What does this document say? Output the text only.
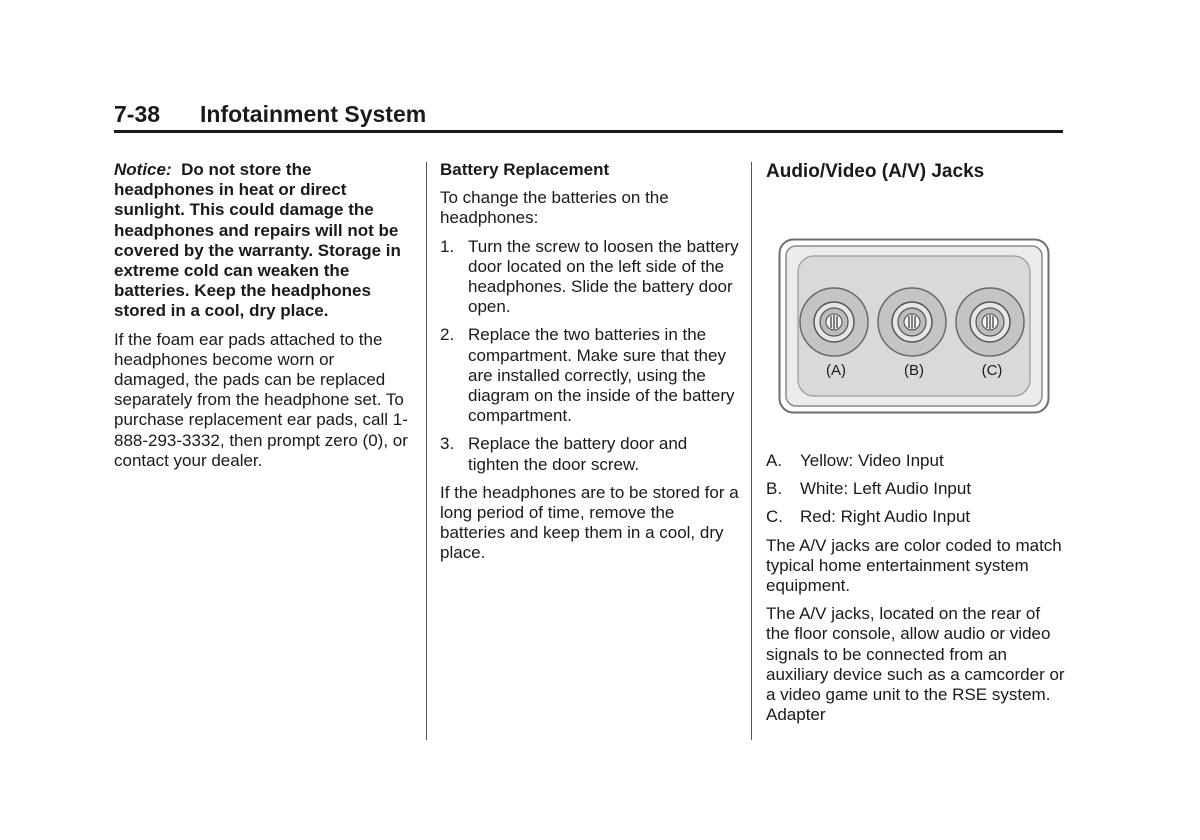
7-38 Infotainment System

Notice: Do not store the headphones in heat or direct sunlight. This could damage the headphones and repairs will not be covered by the warranty. Storage in extreme cold can weaken the batteries. Keep the headphones stored in a cool, dry place.

If the foam ear pads attached to the headphones become worn or damaged, the pads can be replaced separately from the headphone set. To purchase replacement ear pads, call 1-888-293-3332, then prompt zero (0), or contact your dealer.

Battery Replacement

To change the batteries on the headphones:

1. Turn the screw to loosen the battery door located on the left side of the headphones. Slide the battery door open.
2. Replace the two batteries in the compartment. Make sure that they are installed correctly, using the diagram on the inside of the battery compartment.
3. Replace the battery door and tighten the door screw.

If the headphones are to be stored for a long period of time, remove the batteries and keep them in a cool, dry place.

Audio/Video (A/V) Jacks
(A)	(B)	(C)
A. Yellow: Video Input
B. White: Left Audio Input
C. Red: Right Audio Input

The A/V jacks are color coded to match typical home entertainment system equipment.

The A/V jacks, located on the rear of the floor console, allow audio or video signals to be connected from an auxiliary device such as a camcorder or a video game unit to the RSE system. Adapter
